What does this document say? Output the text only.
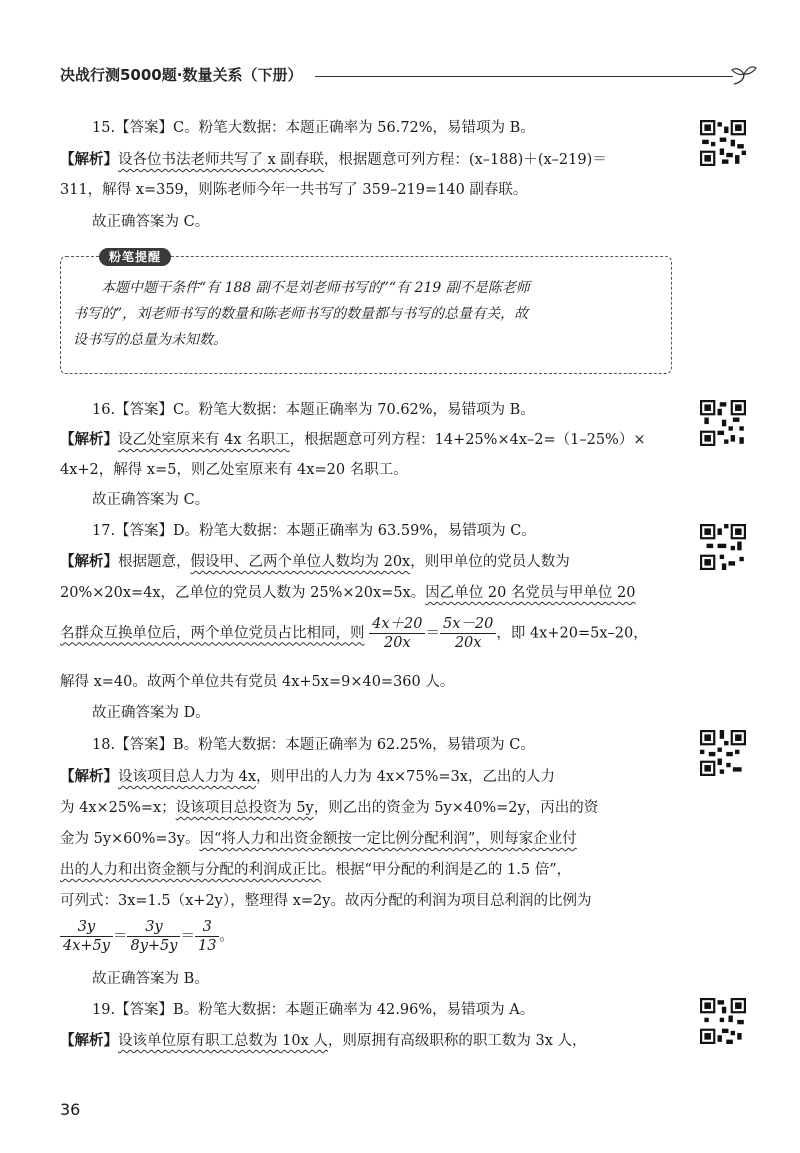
决战行测5000题·数量关系（下册）
15.【答案】C。粉笔大数据：本题正确率为 56.72%，易错项为 B。
【解析】设各位书法老师共写了 x 副春联，根据题意可列方程：(x–188)＋(x–219)＝
311，解得 x=359，则陈老师今年一共书写了 359–219=140 副春联。
故正确答案为 C。
粉笔提醒

本题中题干条件“有 188 副不是刘老师书写的”“有 219 副不是陈老师

书写的”，刘老师书写的数量和陈老师书写的数量都与书写的总量有关，故

设书写的总量为未知数。

16.【答案】C。粉笔大数据：本题正确率为 70.62%，易错项为 B。
【解析】设乙处室原来有 4x 名职工，根据题意可列方程：14+25%×4x–2=（1–25%）×
4x+2，解得 x=5，则乙处室原来有 4x=20 名职工。
故正确答案为 C。
17.【答案】D。粉笔大数据：本题正确率为 63.59%，易错项为 C。
【解析】根据题意，假设甲、乙两个单位人数均为 20x，则甲单位的党员人数为
20%×20x=4x，乙单位的党员人数为 25%×20x=5x。因乙单位 20 名党员与甲单位 20
名群众互换单位后，两个单位党员占比相同，则 $\frac{4x+20}{20x} = \frac{5x-20}{20x}$ ，即 4x+20=5x–20，
解得 x=40。故两个单位共有党员 4x+5x=9×40=360 人。
故正确答案为 D。
18.【答案】B。粉笔大数据：本题正确率为 62.25%，易错项为 C。
【解析】设该项目总人力为 4x，则甲出的人力为 4x×75%=3x，乙出的人力
为 4x×25%=x；设该项目总投资为 5y，则乙出的资金为 5y×40%=2y，丙出的资
金为 5y×60%=3y。因“将人力和出资金额按一定比例分配利润”，则每家企业付
出的人力和出资金额与分配的利润成正比。根据“甲分配的利润是乙的 1.5 倍”，
可列式：3x=1.5（x+2y），整理得 x=2y。故丙分配的利润为项目总利润的比例为
$\frac{3y}{4x+5y} = \frac{3y}{8y+5y} = \frac{3}{13}$ 。
故正确答案为 B。
19.【答案】B。粉笔大数据：本题正确率为 42.96%，易错项为 A。
【解析】设该单位原有职工总数为 10x 人，则原拥有高级职称的职工数为 3x 人，
36
